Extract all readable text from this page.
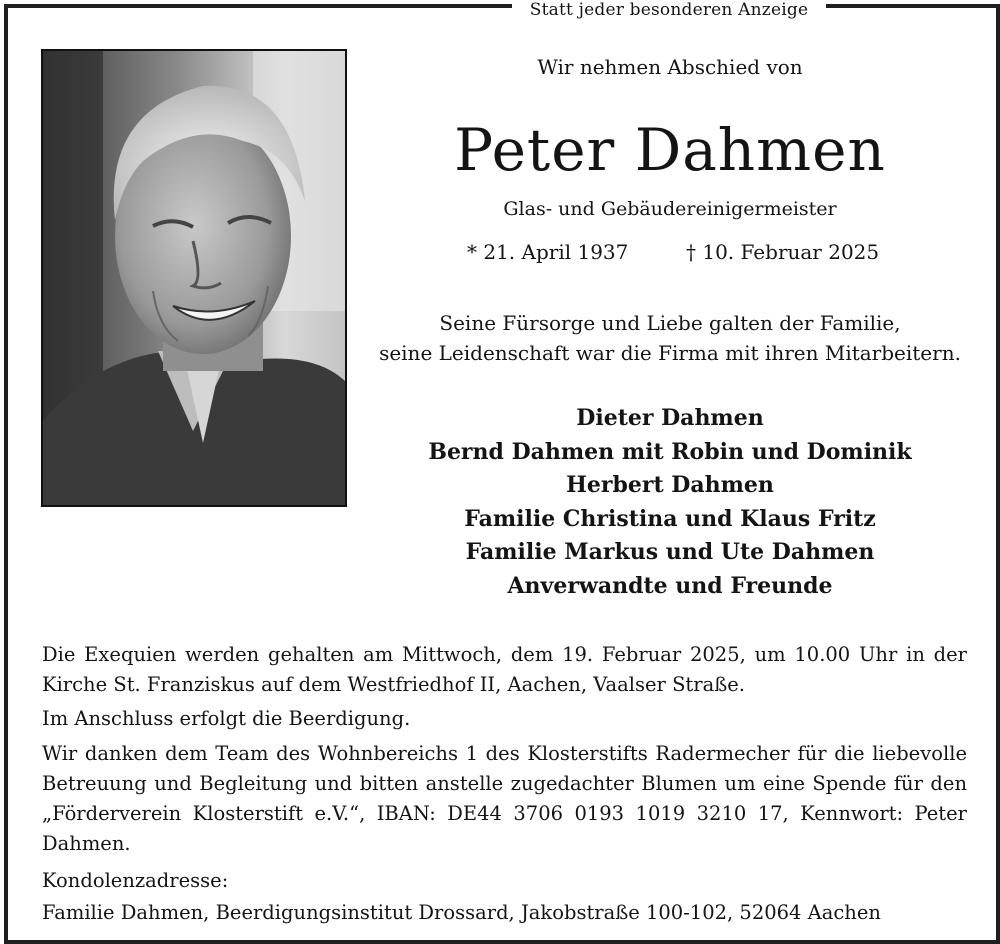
Statt jeder besonderen Anzeige
Wir nehmen Abschied von
Peter Dahmen
Glas- und Gebäudereinigermeister
* 21. April 1937	† 10. Februar 2025
Seine Fürsorge und Liebe galten der Familie,
seine Leidenschaft war die Firma mit ihren Mitarbeitern.
Dieter Dahmen
Bernd Dahmen mit Robin und Dominik
Herbert Dahmen
Familie Christina und Klaus Fritz
Familie Markus und Ute Dahmen
Anverwandte und Freunde
Die Exequien werden gehalten am Mittwoch, dem 19. Februar 2025, um 10.00 Uhr in der Kirche St. Franziskus auf dem Westfriedhof II, Aachen, Vaalser Straße.
Im Anschluss erfolgt die Beerdigung.
Wir danken dem Team des Wohnbereichs 1 des Klosterstifts Radermecher für die liebevolle Betreuung und Begleitung und bitten anstelle zugedachter Blumen um eine Spende für den „Förderverein Klosterstift e.V.“, IBAN: DE44 3706 0193 1019 3210 17, Kennwort: Peter Dahmen.
Kondolenzadresse:
Familie Dahmen, Beerdigungsinstitut Drossard, Jakobstraße 100-102, 52064 Aachen
